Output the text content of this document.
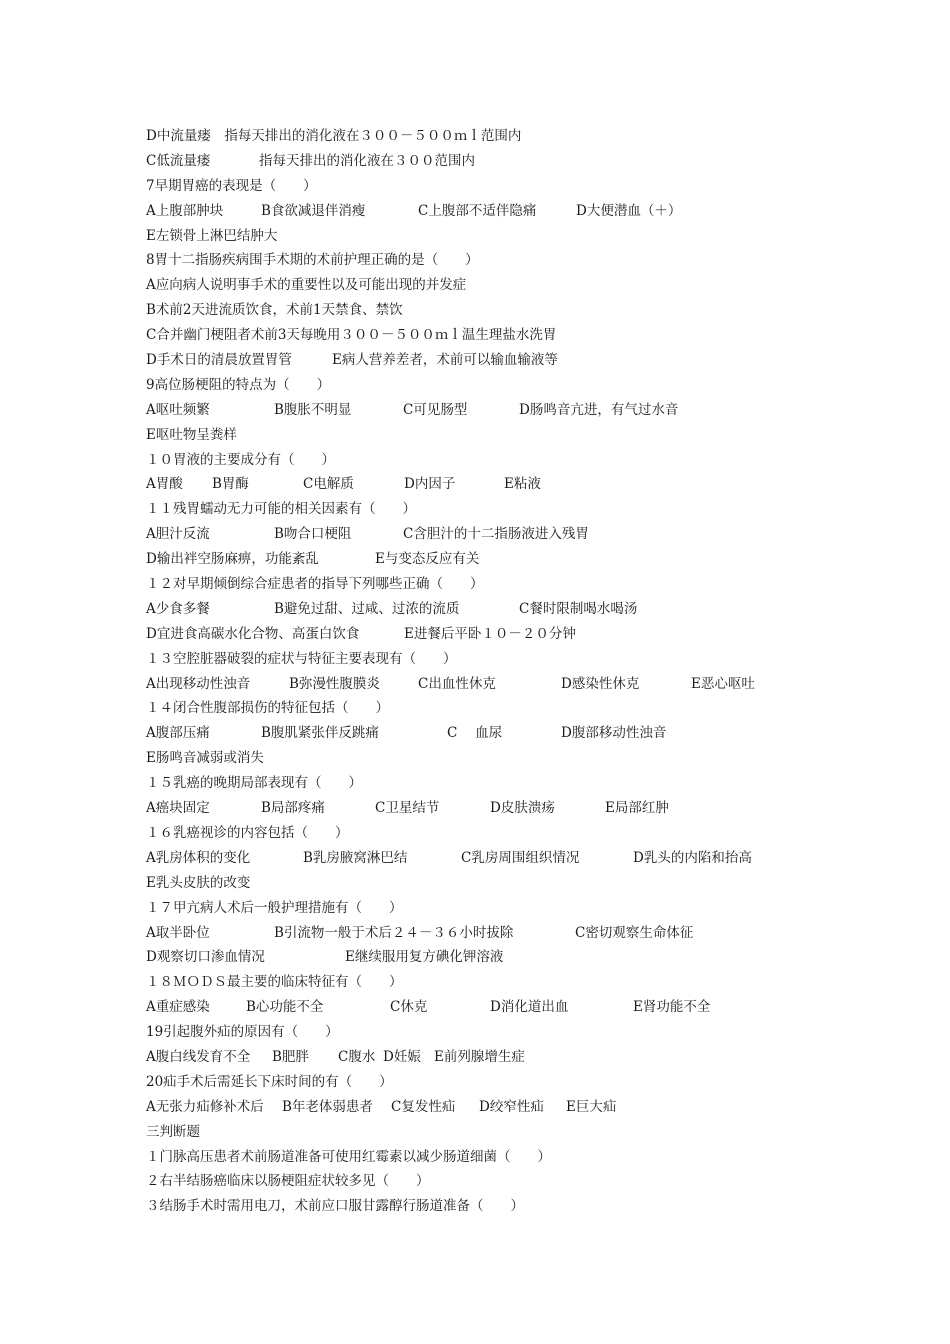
D中流量瘘　指每天排出的消化液在３００－５００ｍｌ范围内
C低流量瘘	指每天排出的消化液在３００范围内
7早期胃癌的表现是（　　）
A上腹部肿块	B食欲减退伴消瘦	C上腹部不适伴隐痛	D大便潜血（＋）
E左锁骨上淋巴结肿大
8胃十二指肠疾病围手术期的术前护理正确的是（　　）
A应向病人说明事手术的重要性以及可能出现的并发症
B术前2天进流质饮食，术前1天禁食、禁饮
C合并幽门梗阻者术前3天每晚用３００－５００ｍｌ温生理盐水洗胃
D手术日的清晨放置胃管	E病人营养差者，术前可以输血输液等
9高位肠梗阻的特点为（　　）
A呕吐频繁	B腹胀不明显	C可见肠型	D肠鸣音亢进，有气过水音
E呕吐物呈粪样
１０胃液的主要成分有（　　）
A胃酸 B胃酶	C电解质	D内因子	E粘液
１１残胃蠕动无力可能的相关因素有（　　）
A胆汁反流	B吻合口梗阻	C含胆汁的十二指肠液进入残胃
D输出袢空肠麻痹，功能紊乱	E与变态反应有关
１２对早期倾倒综合症患者的指导下列哪些正确（　　）
A少食多餐	B避免过甜、过咸、过浓的流质	C餐时限制喝水喝汤
D宜进食高碳水化合物、高蛋白饮食	E进餐后平卧１０－２０分钟
１３空腔脏器破裂的症状与特征主要表现有（　　）
A出现移动性浊音	B弥漫性腹膜炎	C出血性休克	D感染性休克	E恶心呕吐
１４闭合性腹部损伤的特征包括（　　）
A腹部压痛	B腹肌紧张伴反跳痛	C　 血尿	D腹部移动性浊音
E肠鸣音减弱或消失
１５乳癌的晚期局部表现有（　　）
A癌块固定	B局部疼痛	C卫星结节	D皮肤溃疡	E局部红肿
１６乳癌视诊的内容包括（　　）
A乳房体积的变化	B乳房腋窝淋巴结	C乳房周围组织情况	D乳头的内陷和抬高
E乳头皮肤的改变
１７甲亢病人术后一般护理措施有（　　）
A取半卧位	B引流物一般于术后２４－３６小时拔除	C密切观察生命体征
D观察切口渗血情况	E继续服用复方碘化钾溶液
１８ＭＯＤＳ最主要的临床特征有（　　）
A重症感染	B心功能不全	C休克	D消化道出血	E肾功能不全
19引起腹外疝的原因有（　　）
A腹白线发育不全 B肥胖 C腹水 D妊娠 E前列腺增生症
20疝手术后需延长下床时间的有（　　）
A无张力疝修补术后 B年老体弱患者 C复发性疝 D绞窄性疝 E巨大疝
三判断题
１门脉高压患者术前肠道准备可使用红霉素以减少肠道细菌（　　）
２右半结肠癌临床以肠梗阻症状较多见（　　）
３结肠手术时需用电刀，术前应口服甘露醇行肠道准备（　　）
